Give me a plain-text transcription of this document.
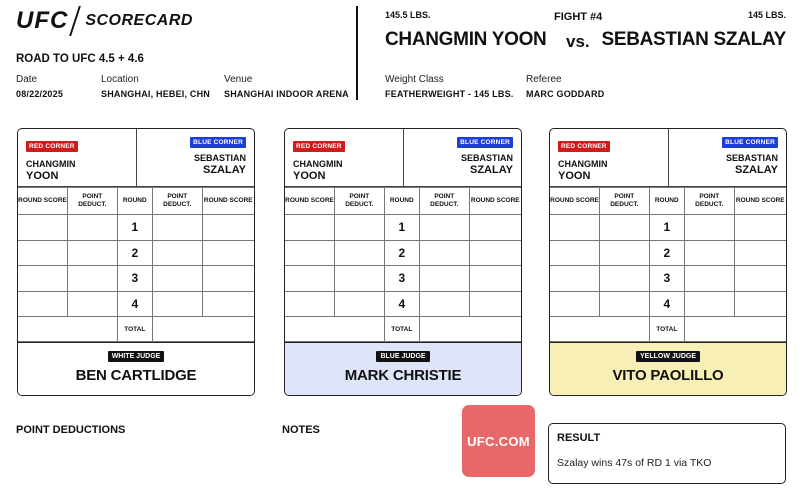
UFC SCORECARD
ROAD TO UFC 4.5 + 4.6
Date
08/22/2025
Location
SHANGHAI, HEBEI, CHN
Venue
SHANGHAI INDOOR ARENA
145.5 LBS.	FIGHT #4	145 LBS.
CHANGMIN YOON vs. SEBASTIAN SZALAY
Weight Class
FEATHERWEIGHT - 145 LBS.
Referee
MARC GODDARD
RED CORNER
CHANGMIN
YOON
BLUE CORNER
SEBASTIAN
SZALAY
ROUND SCORE	POINT DEDUCT.	ROUND	POINT DEDUCT.	ROUND SCORE
		1		
		2		
		3		
		4		
		TOTAL		
WHITE JUDGE
BEN CARTLIDGE
RED CORNER
CHANGMIN
YOON
BLUE CORNER
SEBASTIAN
SZALAY
ROUND SCORE	POINT DEDUCT.	ROUND	POINT DEDUCT.	ROUND SCORE
		1		
		2		
		3		
		4		
		TOTAL		
BLUE JUDGE
MARK CHRISTIE
RED CORNER
CHANGMIN
YOON
BLUE CORNER
SEBASTIAN
SZALAY
ROUND SCORE	POINT DEDUCT.	ROUND	POINT DEDUCT.	ROUND SCORE
		1		
		2		
		3		
		4		
		TOTAL		
YELLOW JUDGE
VITO PAOLILLO
POINT DEDUCTIONS	NOTES
UFC.COM	RESULT
Szalay wins 47s of RD 1 via TKO
